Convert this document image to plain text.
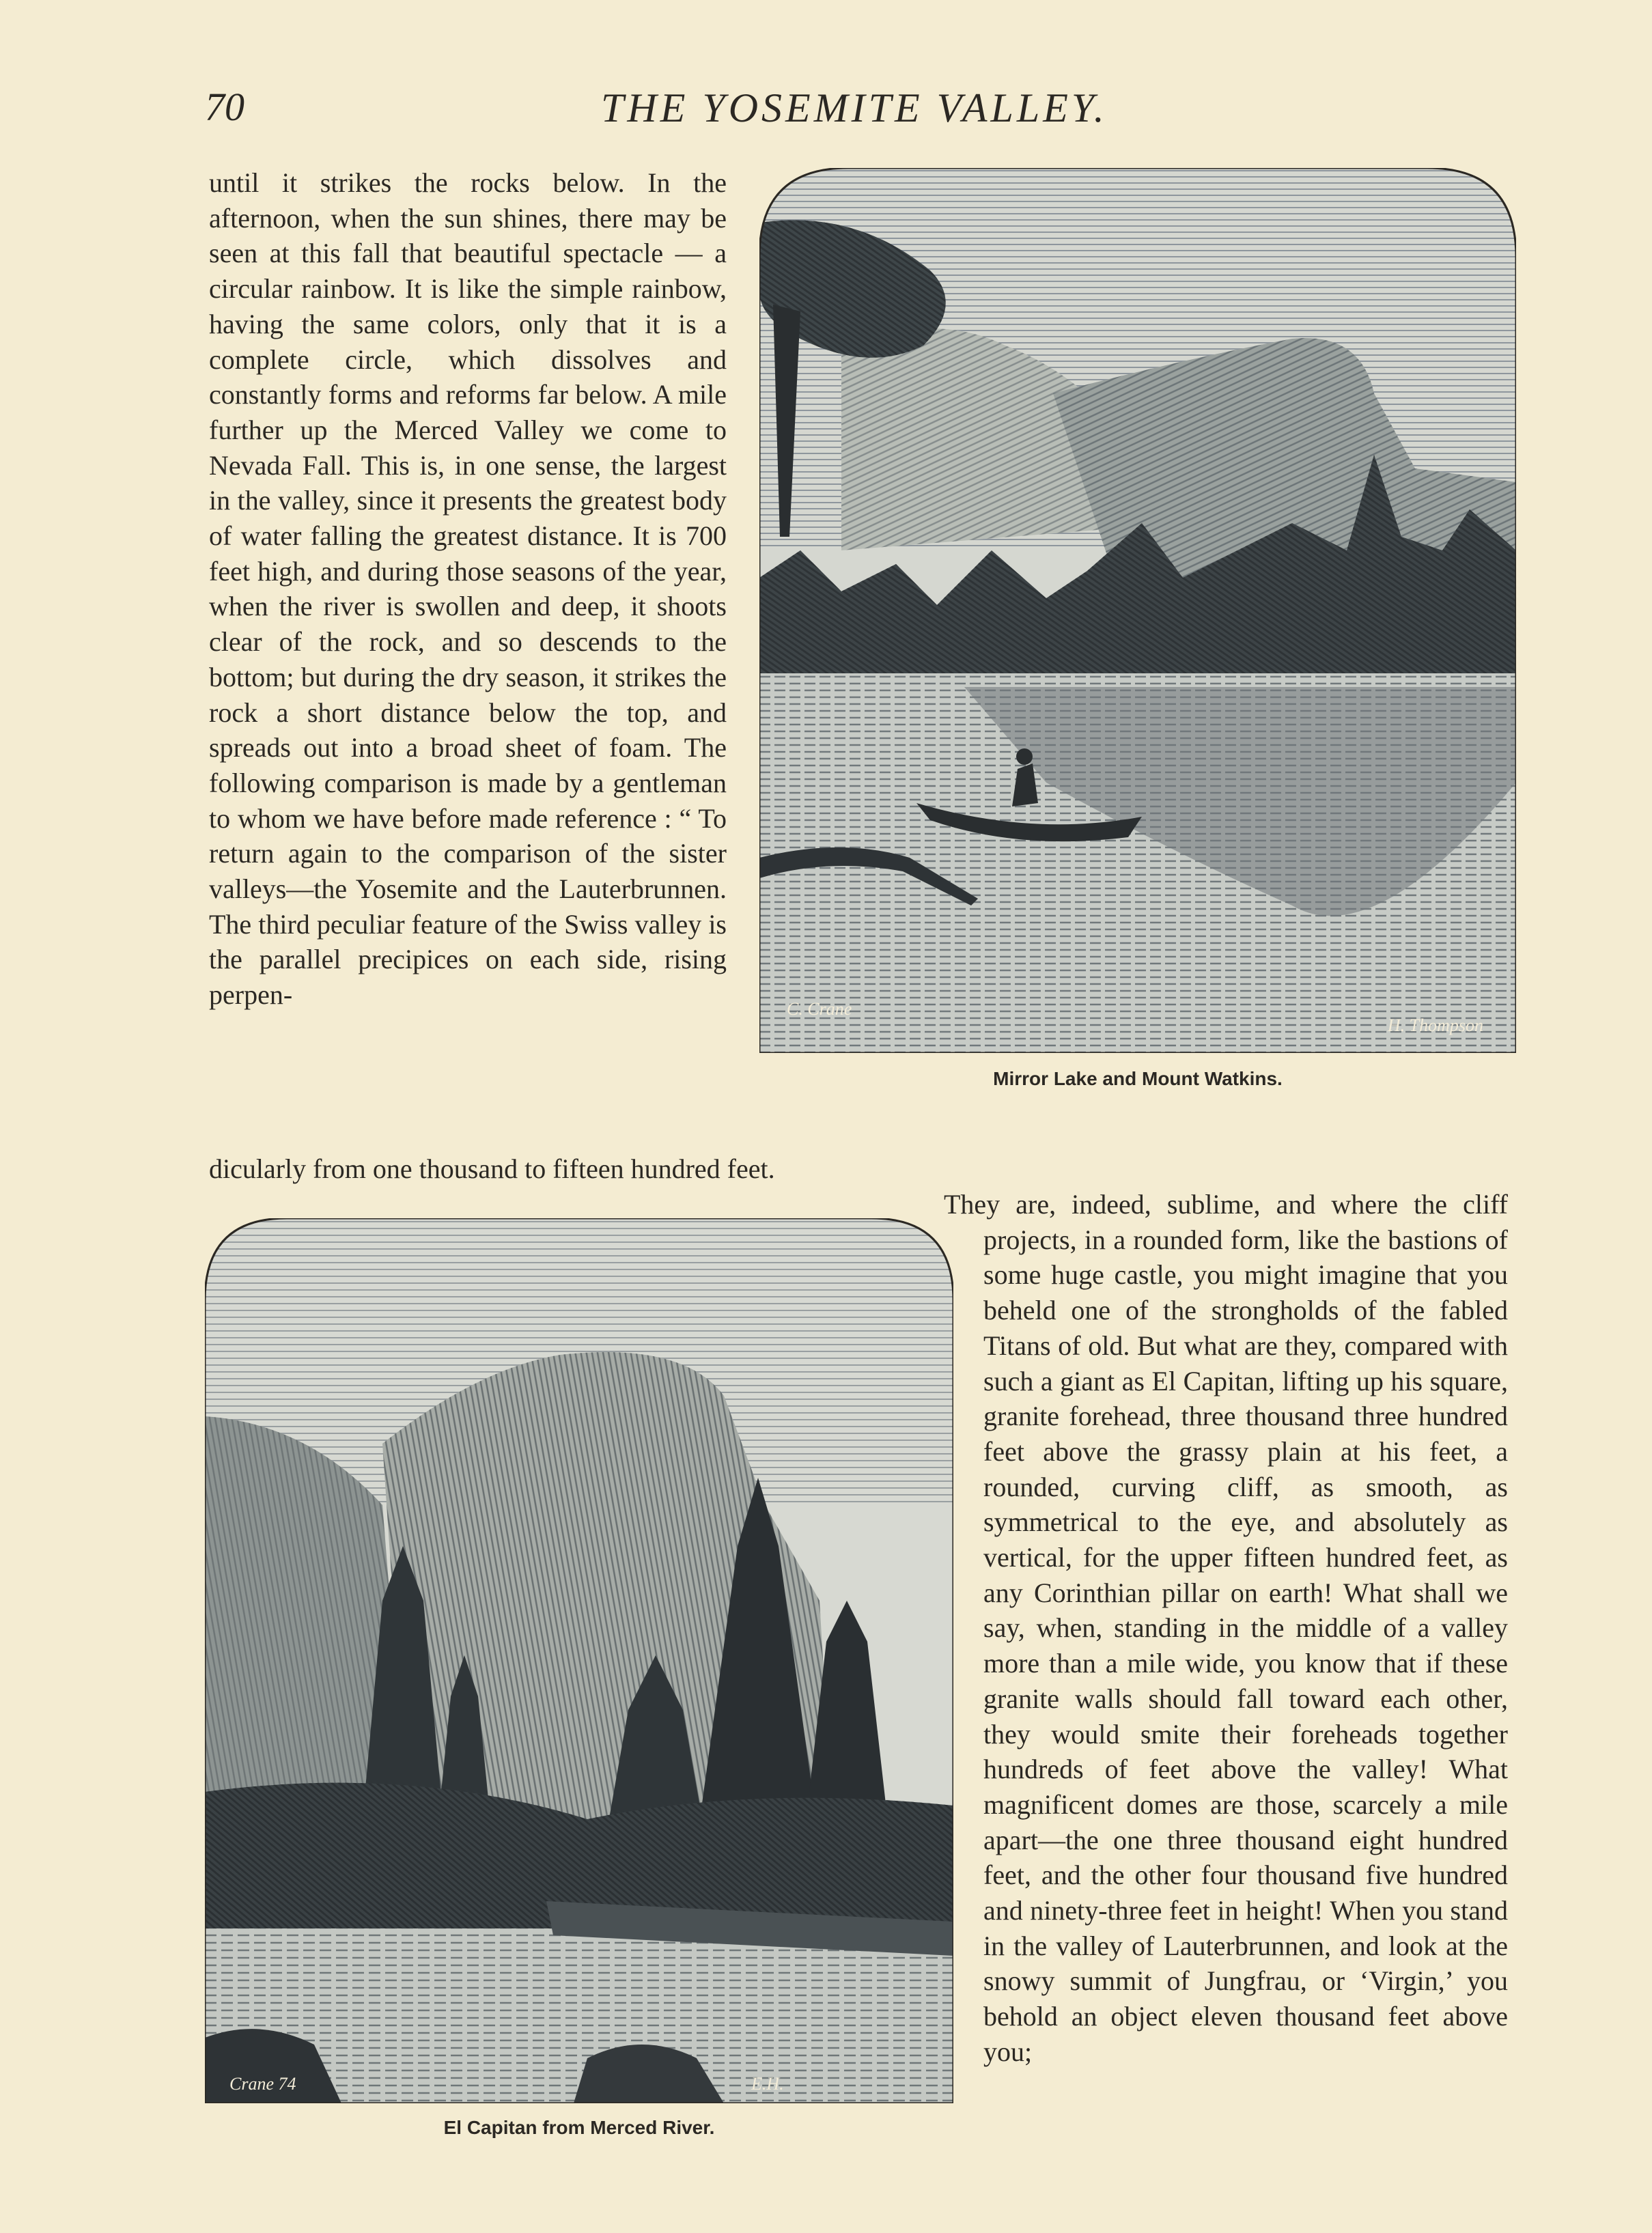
70	THE YOSEMITE VALLEY.

until it strikes the rocks below. In the afternoon, when the sun shines, there may be seen at this fall that beautiful spectacle — a circular rainbow. It is like the simple rainbow, having the same colors, only that it is a complete circle, which dissolves and constantly forms and reforms far below. A mile further up the Merced Valley we come to Nevada Fall. This is, in one sense, the largest in the valley, since it presents the greatest body of water falling the greatest distance. It is 700 feet high, and during those seasons of the year, when the river is swollen and deep, it shoots clear of the rock, and so descends to the bottom; but during the dry season, it strikes the rock a short distance below the top, and spreads out into a broad sheet of foam. The following comparison is made by a gentleman to whom we have before made reference : “ To return again to the comparison of the sister valleys—the Yosemite and the Lauterbrunnen. The third peculiar feature of the Swiss valley is the parallel precipices on each side, rising perpen-

dicularly from one thousand to fifteen hundred feet.

They are, indeed, sublime, and where the cliff projects, in a rounded form, like the bastions of some huge castle, you might imagine that you beheld one of the strongholds of the fabled Titans of old. But what are they, compared with such a giant as El Capitan, lifting up his square, granite forehead, three thousand three hundred feet above the grassy plain at his feet, a rounded, curving cliff, as smooth, as symmetrical to the eye, and absolutely as vertical, for the upper fifteen hundred feet, as any Corinthian pillar on earth! What shall we say, when, standing in the middle of a valley more than a mile wide, you know that if these granite walls should fall toward each other, they would smite their foreheads together hundreds of feet above the valley! What magnificent domes are those, scarcely a mile apart—the one three thousand eight hundred feet, and the other four thousand five hundred and ninety-three feet in height! When you stand in the valley of Lauterbrunnen, and look at the snowy summit of Jungfrau, or ‘Virgin,’ you behold an object eleven thousand feet above you;

C. Crane
H. Thompson
Mirror Lake and Mount Watkins.
Crane 74	E.H.
El Capitan from Merced River.
